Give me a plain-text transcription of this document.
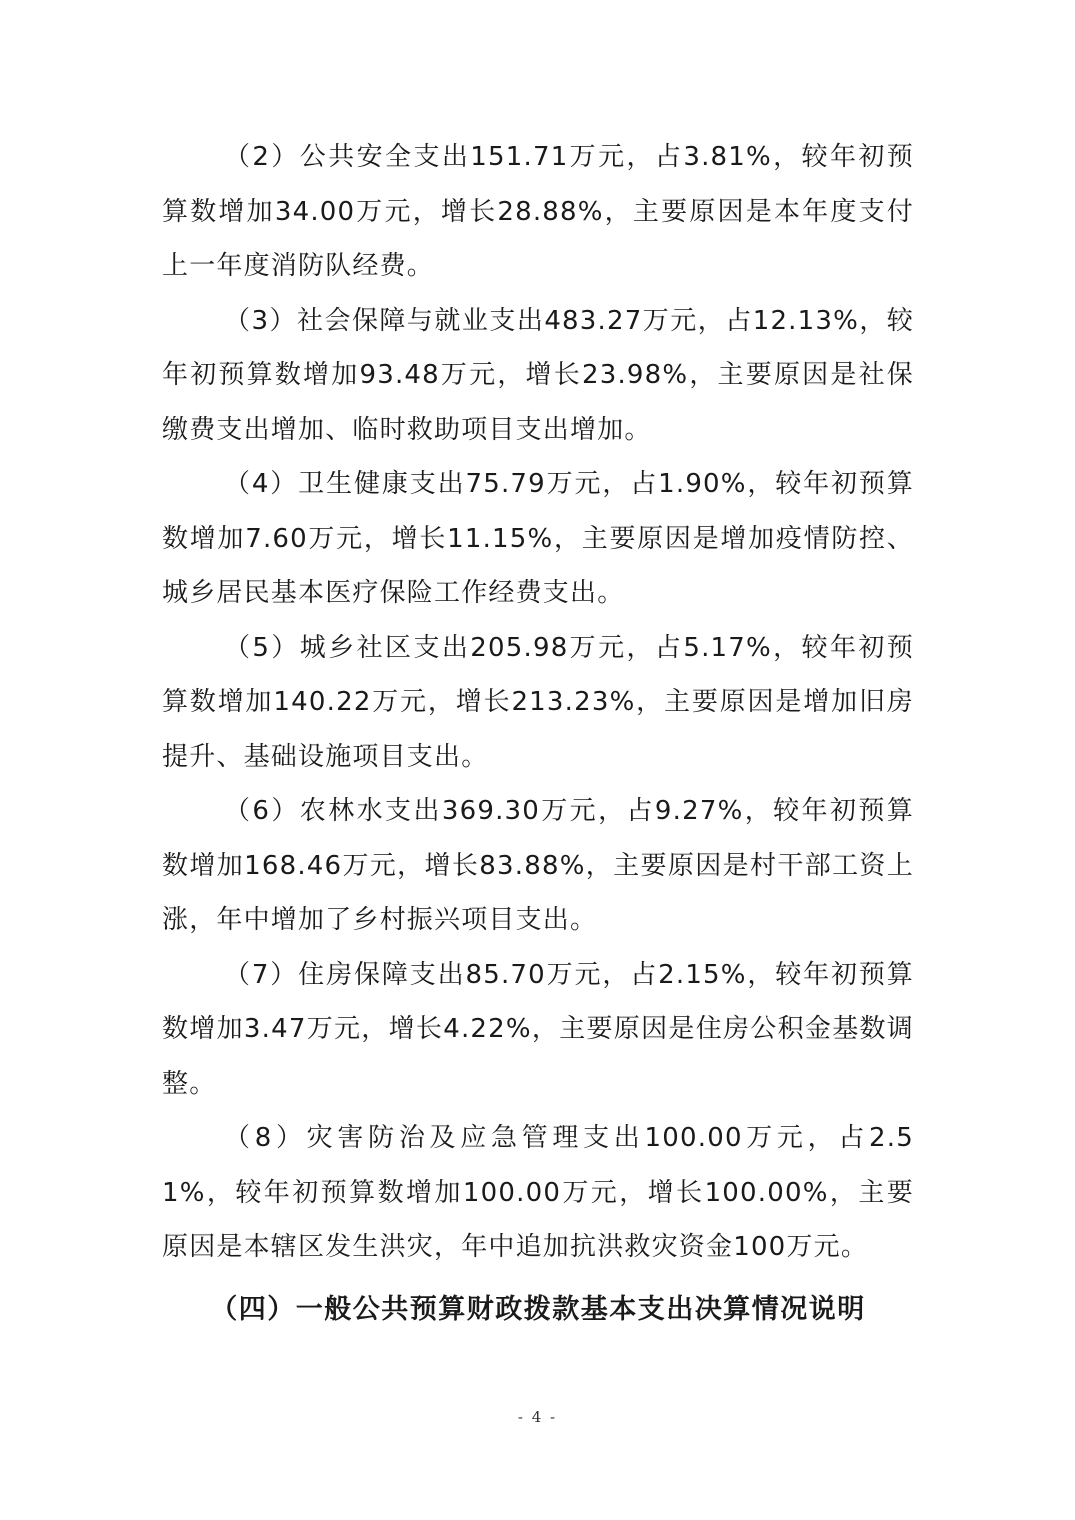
（2）公共安全支出151.71万元，占3.81%，较年初预算数增加34.00万元，增长28.88%，主要原因是本年度支付上一年度消防队经费。

（3）社会保障与就业支出483.27万元，占12.13%，较年初预算数增加93.48万元，增长23.98%，主要原因是社保缴费支出增加、临时救助项目支出增加。

（4）卫生健康支出75.79万元，占1.90%，较年初预算数增加7.60万元，增长11.15%，主要原因是增加疫情防控、城乡居民基本医疗保险工作经费支出。

（5）城乡社区支出205.98万元，占5.17%，较年初预算数增加140.22万元，增长213.23%，主要原因是增加旧房提升、基础设施项目支出。

（6）农林水支出369.30万元，占9.27%，较年初预算数增加168.46万元，增长83.88%，主要原因是村干部工资上涨，年中增加了乡村振兴项目支出。

（7）住房保障支出85.70万元，占2.15%，较年初预算数增加3.47万元，增长4.22%，主要原因是住房公积金基数调整。

（8）灾害防治及应急管理支出100.00万元，占2.51%，较年初预算数增加100.00万元，增长100.00%，主要原因是本辖区发生洪灾，年中追加抗洪救灾资金100万元。

（四）一般公共预算财政拨款基本支出决算情况说明
- 4 -
